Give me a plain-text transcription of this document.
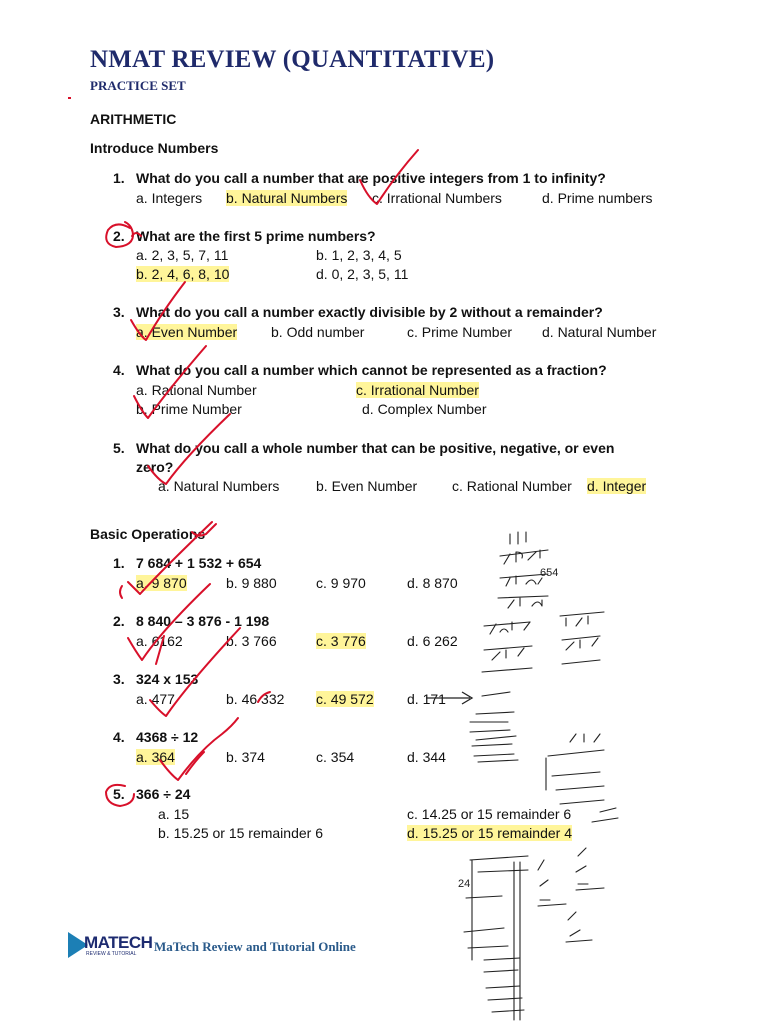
NMAT REVIEW (QUANTITATIVE)
PRACTICE SET
ARITHMETIC
Introduce Numbers
1. What do you call a number that are positive integers from 1 to infinity?
a. Integers b. Natural Numbers c. Irrational Numbers	d. Prime numbers
2. What are the first 5 prime numbers?
a. 2, 3, 5, 7, 11	b. 1, 2, 3, 4, 5
b. 2, 4, 6, 8, 10	d. 0, 2, 3, 5, 11
3. What do you call a number exactly divisible by 2 without a remainder?
a. Even Number b. Odd number	c. Prime Number d. Natural Number
4. What do you call a number which cannot be represented as a fraction?
a. Rational Number	c. Irrational Number
b. Prime Number	d. Complex Number
5. What do you call a whole number that can be positive, negative, or even
zero?
a. Natural Numbers	b. Even Number c. Rational Number d. Integer
Basic Operations
1. 7 684 + 1 532 + 654
a. 9 870	b. 9 880	c. 9 970	d. 8 870
2. 8 840 – 3 876 - 1 198
a. 6162	b. 3 766	c. 3 776	d. 6 262
3. 324 x 153
a. 477	b. 46 332 c. 49 572 d. 171
4. 4368 ÷ 12
a. 364	b. 374	c. 354	d. 344
5. 366 ÷ 24
a. 15	c. 14.25 or 15 remainder 6
b. 15.25 or 15 remainder 6	d. 15.25 or 15 remainder 4
654
24
MATECH
REVIEW & TUTORIAL MaTech Review and Tutorial Online
